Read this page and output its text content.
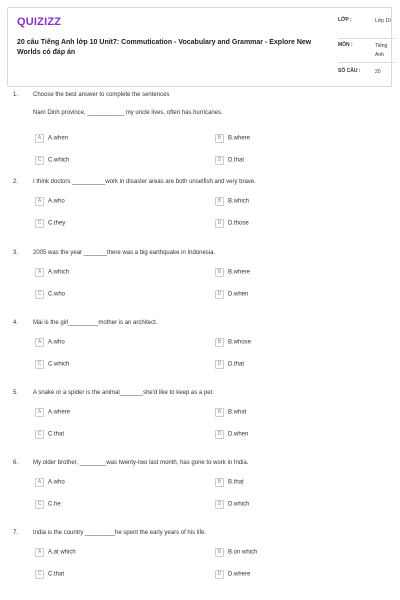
QUIZIZZ
20 câu Tiếng Anh lớp 10 Unit7: Commutication - Vocabulary and Grammar - Explore New Worlds có đáp án
LỚP :	Lớp 10
MÔN :	Tiếng Anh
SỐ CÂU :	20
1. Choose the best answer to complete the sentences
Nam Dinh province, ___________ my uncle lives, often has hurricanes.
A A.when	B B.where
C C.which	D D.that
2. I think doctors __________work in disaster areas are both unselfish and very brave.
A A.who	B B.which
C C.they	D D.those
3. 2005 was the year _______there was a big earthquake in Indonesia.
A A.which	B B.where
C C.who	D D.when
4. Mai is the girl_________mother is an architect.
A A.who	B B.whose
C C.which	D D.that
5. A snake or a spider is the animal_______she'd like to keep as a pet.
A A.where	B B.what
C C.that	D D.when
6. My older brother, ________was twenty-two last month, has gone to work in India.
A A.who	B B.that
C C.he	D D.which
7. India is the country _________he spent the early years of his life.
A A.at which	B B.on which
C C.that	D D.where
